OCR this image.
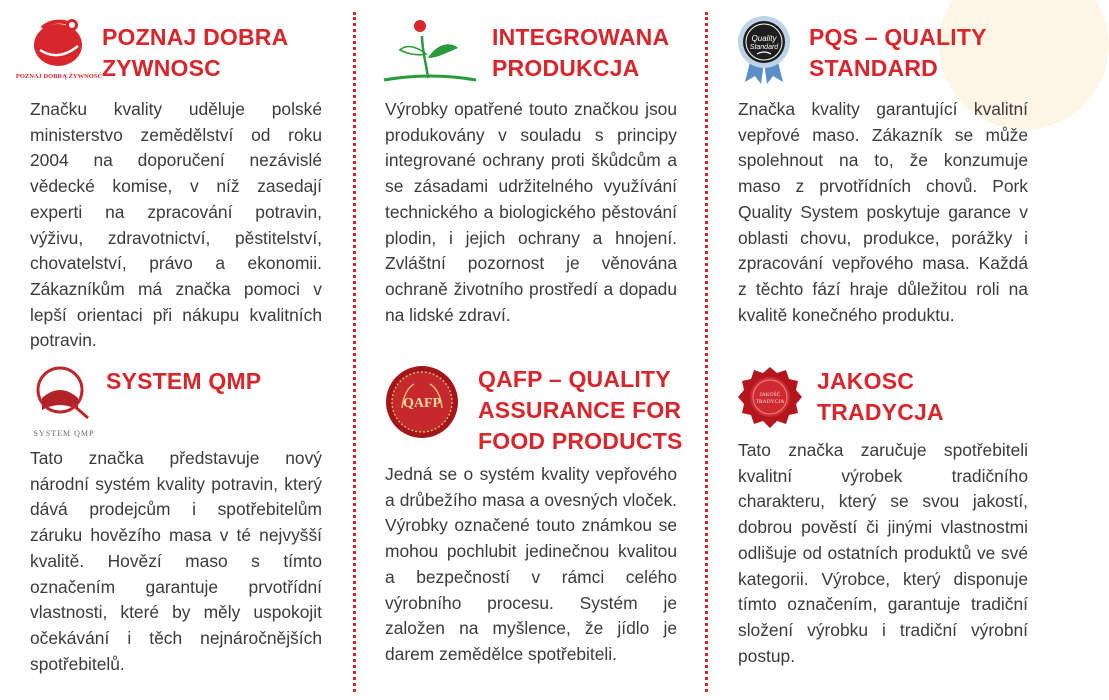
POZNAJ DOBRĄ ŻYWNOŚĆ
POZNAJ DOBRA
ZYWNOSC
Značku kvality uděluje polské ministerstvo zemědělství od roku 2004 na doporučení nezávislé vědecké komise, v níž zasedají experti na zpracování potravin, výživu, zdravotnictví, pěstitelství, chovatelství, právo a ekonomii. Zákazníkům má značka pomoci v lepší orientaci při nákupu kvalitních potravin.
INTEGROWANA
PRODUKCJA
Výrobky opatřené touto značkou jsou produkovány v souladu s principy integrované ochrany proti škůdcům a se zásadami udržitelného využívání technického a biologického pěstování plodin, i jejich ochrany a hnojení. Zvláštní pozornost je věnována ochraně životního prostředí a dopadu na lidské zdraví.
Quality
Standard PQS – QUALITY
STANDARD
Značka kvality garantující kvalitní vepřové maso. Zákazník se může spolehnout na to, že konzumuje maso z prvotřídních chovů. Pork Quality System poskytuje garance v oblasti chovu, produkce, porážky i zpracování vepřového masa. Každá z těchto fází hraje důležitou roli na kvalitě konečného produktu.
SYSTEM QMP
SYSTEM QMP
Tato značka představuje nový národní systém kvality potravin, který dává prodejcům i spotřebitelům záruku hovězího masa v té nejvyšší kvalitě. Hovězí maso s tímto označením garantuje prvotřídní vlastnosti, které by měly uspokojit očekávání i těch nejnáročnějších spotřebitelů.
QAFP
QAFP – QUALITY
ASSURANCE FOR
FOOD PRODUCTS
Jedná se o systém kvality vepřového a drůbežího masa a ovesných vloček. Výrobky označené touto známkou se mohou pochlubit jedinečnou kvalitou a bezpečností v rámci celého výrobního procesu. Systém je založen na myšlence, že jídlo je darem zemědělce spotřebiteli.
JAKOŚĆ
TRADYCJA
JAKOSC
TRADYCJA
Tato značka zaručuje spotřebiteli kvalitní výrobek tradičního charakteru, který se svou jakostí, dobrou pověstí či jinými vlastnostmi odlišuje od ostatních produktů ve své kategorii. Výrobce, který disponuje tímto označením, garantuje tradiční složení výrobku i tradiční výrobní postup.
